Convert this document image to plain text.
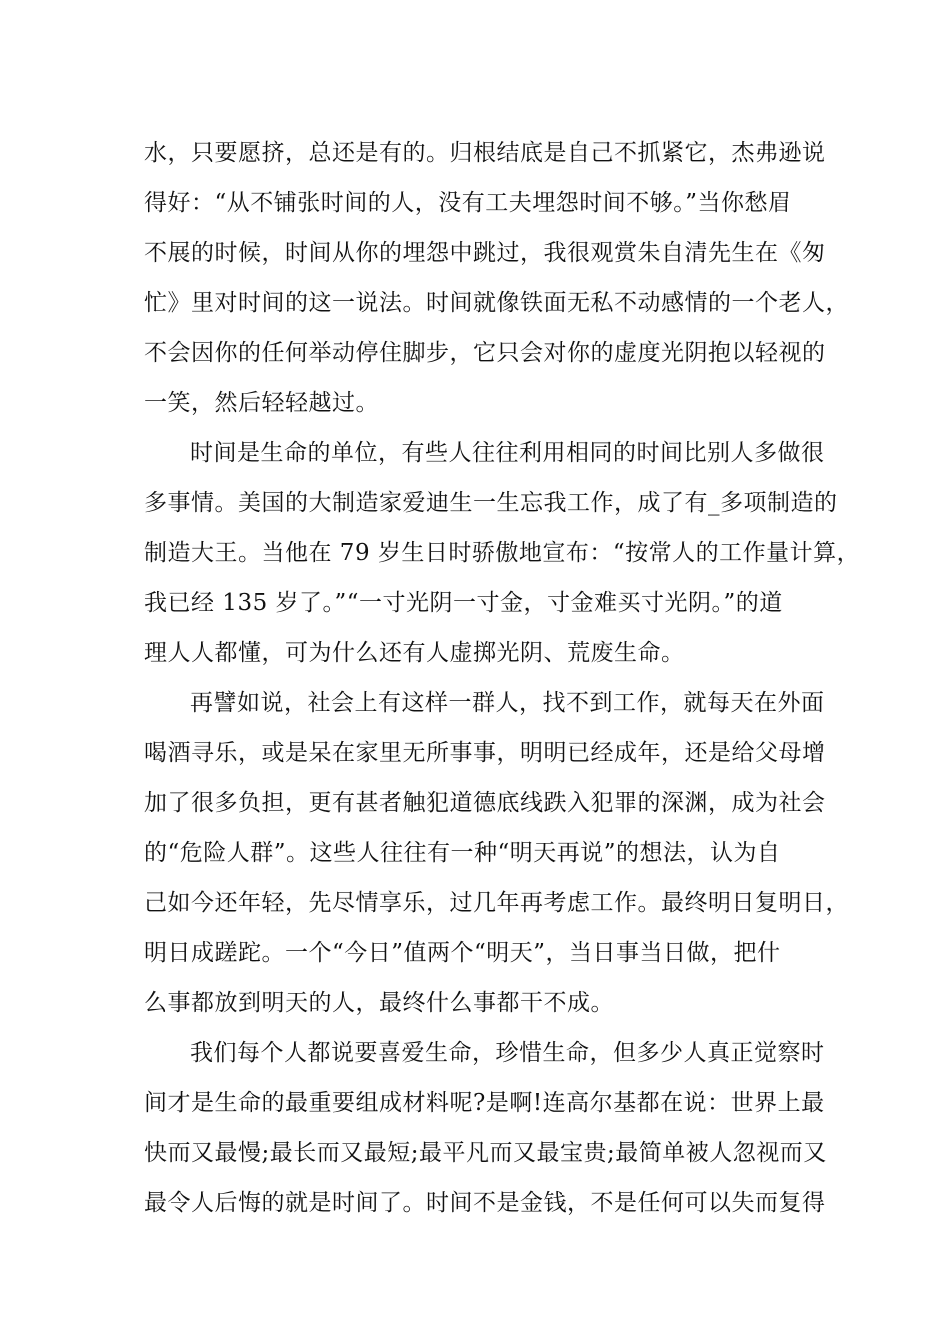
水，只要愿挤，总还是有的。归根结底是自己不抓紧它，杰弗逊说
得好：“从不铺张时间的人，没有工夫埋怨时间不够。”当你愁眉
不展的时候，时间从你的埋怨中跳过，我很观赏朱自清先生在《匆
忙》里对时间的这一说法。时间就像铁面无私不动感情的一个老人，
不会因你的任何举动停住脚步，它只会对你的虚度光阴抱以轻视的
一笑，然后轻轻越过。
时间是生命的单位，有些人往往利用相同的时间比别人多做很
多事情。美国的大制造家爱迪生一生忘我工作，成了有_多项制造的
制造大王。当他在 79 岁生日时骄傲地宣布：“按常人的工作量计算，
我已经 135 岁了。”“一寸光阴一寸金，寸金难买寸光阴。”的道
理人人都懂，可为什么还有人虚掷光阴、荒废生命。
再譬如说，社会上有这样一群人，找不到工作，就每天在外面
喝酒寻乐，或是呆在家里无所事事，明明已经成年，还是给父母增
加了很多负担，更有甚者触犯道德底线跌入犯罪的深渊，成为社会
的“危险人群”。这些人往往有一种“明天再说”的想法，认为自
己如今还年轻，先尽情享乐，过几年再考虑工作。最终明日复明日，
明日成蹉跎。一个“今日”值两个“明天”，当日事当日做，把什
么事都放到明天的人，最终什么事都干不成。
我们每个人都说要喜爱生命，珍惜生命，但多少人真正觉察时
间才是生命的最重要组成材料呢?是啊!连高尔基都在说：世界上最
快而又最慢;最长而又最短;最平凡而又最宝贵;最简单被人忽视而又
最令人后悔的就是时间了。时间不是金钱，不是任何可以失而复得
